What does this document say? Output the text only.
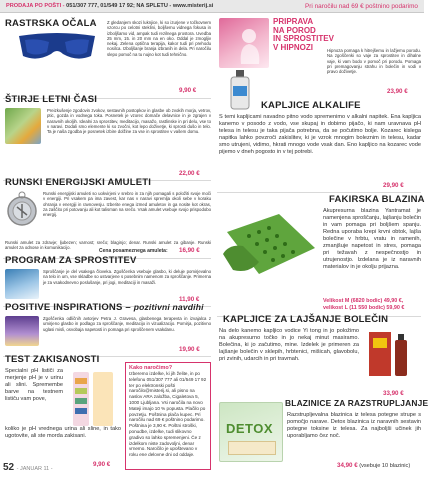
PRODAJA PO POŠTI - 051/307 777, 01/549 17 92; NA SPLETU - www.misterij.si	Pri naročilu nad 69 € poštnino podarimo
RASTRSKA OČALA Z gledanjem skozi luknjice, ki so izurjene v točkovnem vzorcu po celotni steklini, boljšemu vidnega fokusa in izboljšamo vid, ampak tudi rezilnega prostora. Uvedba 25 mm, 15. in 20 mm na en oko. Oddal je zmogljiv nekaj. Zelena optična terapija, kakor tudi pri prehodu nosilca. Izboljšanje branja izbranih in dela. Pri naročilu slepo pomoč na tu nujno kot tudi tehnično.
9,90 €
ŠTIRJE LETNI ČASI
Preizkušenje zgodovin zvokov, sestavnih postopkov in glasbe ob zvokih morja, vetrov, ptic, gozda in vodnega toka. Posnetek je vzorec domače delavnice in je zgrajen v naravnih okoljih. Idealni za sprostitev, meditacijo, masažo, rastlinske in pri delu, vse to v naravi. Dodali smo elemente ki so zvočni, kot lepo doživetje, ki sprosti dušo in telo. Ta je naša zgodba je posnetek izbire dolžine za vse in sprostitev v vašem domu.
22,00 €
RUNSKI ENERGIJSKI AMULETI
Runski energijski amuleti so uokvirjeni v srebro in za njih pomagali s položiti svoje moči v energiji. Pri vsakem pa ima zavest, kar nas v naravi spremlja okoli sebe v koraku ohranja v energiji in ravnovesju. Izberite enega izmed amuletov in ga nosite kot okras, za zaščito pri potovanju ali kot talisman na srečo. Vsak amulet vsebuje svojo prispodobo energij.
Runski amulet za zdravje; ljubezen; varnost; srečo; blaginjo; denar. Runski amulet za gibanje. Runski amulet za odnose in komunikacijo.
Cena posameznega amuleta: 16,90 €
PROGRAM ZA SPROSTITEV
Sproščanje je del vsakega človeka. Zgoščenka vsebuje glasbo, ki deluje pomirjevalno na telo in um, vse skladbe so ustvarjene s posebnim namenom za sproščanje. Primerna je za vsakodnevno poslušanje, pri jogi, meditaciji in masaži.
11,90 €
POSITIVE INSPIRATIONS – pozitivni navdihi
Zgoščenka odličnih avtorjev Petra J. Gravesa, glasbenega terapevta in izvajalca z umirjeno glasbo in podlago za sproščanje, meditacijo in vizualizacijo. Pomirja, pozitivno uglasi misli, osvobaja napetosti in pomaga pri sproščenem vsakdanu.
19,90 €
TEST ZAKISANOSTI
Specialni pH lističi za merjenje pH je v urinu ali slini. Spremembe barve na testnem lističu vam pove,
koliko je pH vrednega urina ali sline, in tako ugotovite, ali ste morda zakisani.
9,90 €
Kako naročimo?
Izberemo izdelke, ki jih želite, in po telefonu 051/307 777 ali 01/549 17 92 ter po elektronski pošti naročilo@misterij.si, ali pisno na naslov ARA založba, Cigaletova 5, 1000 Ljubljana. Vsi naročila na novo Mateji imajo 10 % popusta. Plačilo po povzetju. Poštnina plača kupec. Pri naročilu nad 69 € poštnino podarimo. Poštnina je 3,90 €. Poštni stroški, ponudbe, izdelke, tudi slikovno gradivo so lahko spremenjeni. Če z izdelkom niste zadovoljni, denar vrnemo. Naročilo je upoštevano v roku ene delovne dni od oddaje.
PRIPRAVA
NA POROD
IN SPROSTITEV
V HIPNOZI	Hipnoza pomaga k hitrejšemu in lažjemu porodu. Na zgoščenki so vaje za sprostitev in dihalne vaje, ki vam bodo v pomoč pri porodu. Pomaga pri premagovanju strahu in bolečin in vodi v pravo doživetje.
23,90 €
KAPLJICE ALKALIFE
S temi kapljicami navadno pitno vodo spremenimo v alkalni napitek. Ena kapljica kanemo v posodo z vodo, vse skupaj in dobimo pijačo, ki nam uravnava pH telesa in telesu je taka pijača potrebna, da se počutimo bolje. Kozarec kislega napitka lahko povzroči zakislitev, ki je vzrok mnogim boleznim in telesu, kadar smo utrujeni, vidimo, hkrati mnogo vode vsak dan. Eno kapljico na kozarec vode pijemo v dneh pogosto in v tej potrebi.
29,90 €
FAKIRSKA BLAZINA
Akupresurna blazina Yantramat je namenjena sproščanju, lajšanju bolečin in vam pomaga pri boljšem spanju. Redna uporaba krepi krvni obtok, lajša bolečine v hrbtu, vratu in ramenih, zmanjšuje napetost in stres, pomaga pri težavah z nespečnostjo in utrujenostjo. Izdelana je iz naravnih materialov in je okolju prijazna.
Velikost M (6820 bodic) 49,90 €, velikost L (11 550 bodic) 59,90 €
KAPLJICE ZA LAJŠANJE BOLEČIN
Na delo kanemo kapljico vodice Yi tong in jo položimo na akupresurno točko in jo nekaj minut masiramo. Bolečina, ki jo začutimo, mine. Izdelek je primeren za lajšanje bolečin v sklepih, hrbtenici, mišicah, glavobolu, pri zvinih, udarcih in pri travmah.
33,90 €
DETOX
BLAZINICE ZA RAZSTRUPLJANJE
Razstrupljevalna blazinica iz telesa potegne strupe s pomočjo narave. Detox blazinica iz naravnih sestavin potegne toksine iz telesa. Za najboljši učinek jih uporabljamo čez noč.
34,90 € (vsebuje 10 blazinic)
52 - JANUAR 11 -
